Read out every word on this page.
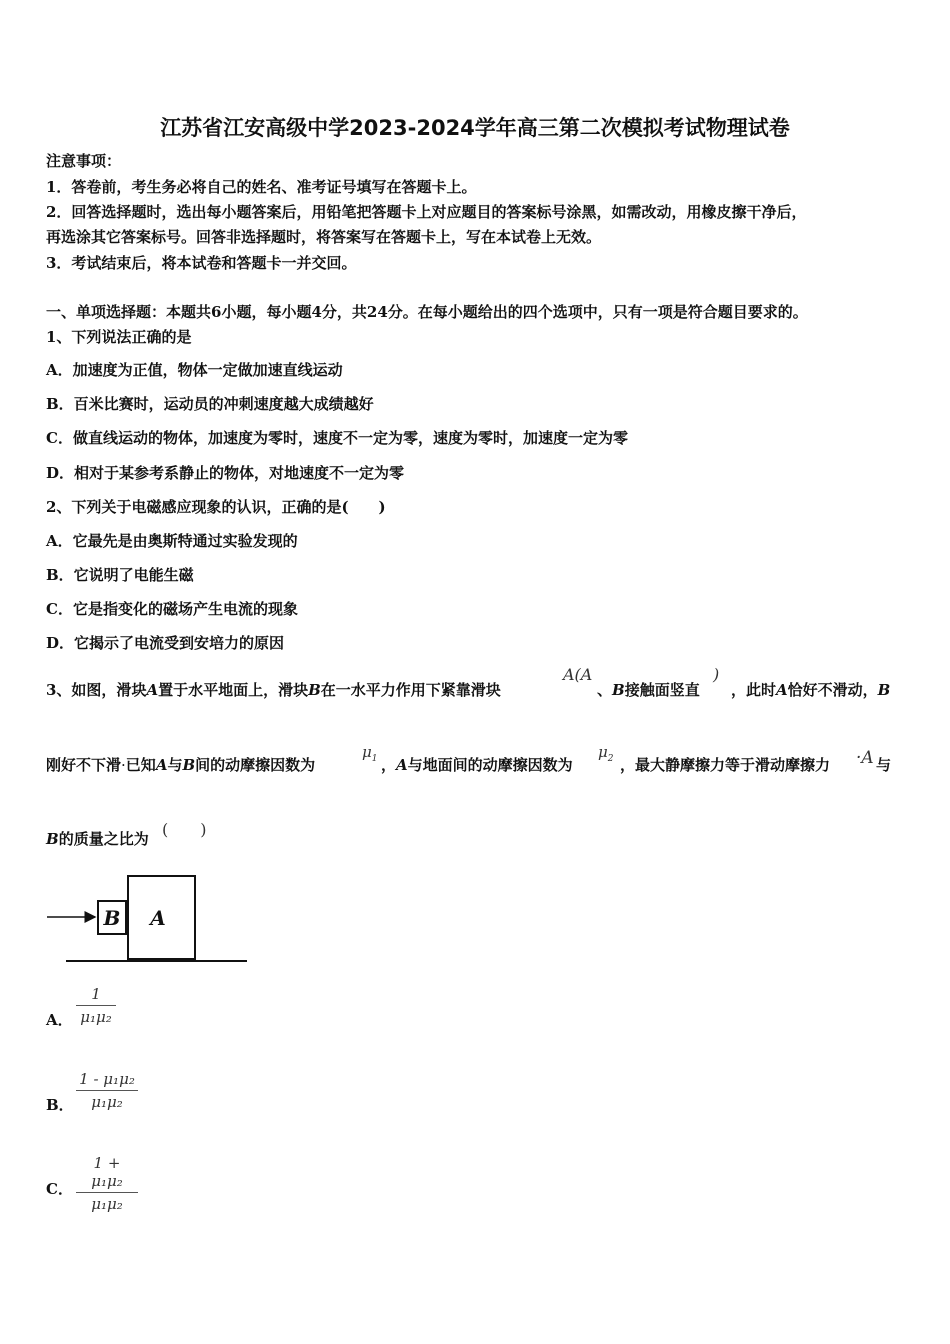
江苏省江安高级中学2023-2024学年高三第二次模拟考试物理试卷
注意事项：
1．答卷前，考生务必将自己的姓名、准考证号填写在答题卡上。
2．回答选择题时，选出每小题答案后，用铅笔把答题卡上对应题目的答案标号涂黑，如需改动，用橡皮擦干净后，
再选涂其它答案标号。回答非选择题时，将答案写在答题卡上，写在本试卷上无效。
3．考试结束后，将本试卷和答题卡一并交回。
一、单项选择题：本题共6小题，每小题4分，共24分。在每小题给出的四个选项中，只有一项是符合题目要求的。
1、下列说法正确的是
A．加速度为正值，物体一定做加速直线运动
B．百米比赛时，运动员的冲刺速度越大成绩越好
C．做直线运动的物体，加速度为零时，速度不一定为零，速度为零时，加速度一定为零
D．相对于某参考系静止的物体，对地速度不一定为零
2、下列关于电磁感应现象的认识，正确的是(　　)
A．它最先是由奥斯特通过实验发现的
B．它说明了电能生磁
C．它是指变化的磁场产生电流的现象
D．它揭示了电流受到安培力的原因
3、如图，滑块A置于水平地面上，滑块B在一水平力作用下紧靠滑块
A(A
、B接触面竖直
)
，此时A恰好不滑动，B
刚好不下滑·已知A与B间的动摩擦因数为
$\mu_1$ ，A与地面间的动摩擦因数为
$\mu_2$ ，最大静摩擦力等于滑动摩擦力 ·A 与
B的质量之比为 (　　)
B A
A．
1
μ₁μ₂
B．
1 - μ₁μ₂
μ₁μ₂
C．
1 + μ₁μ₂
μ₁μ₂
